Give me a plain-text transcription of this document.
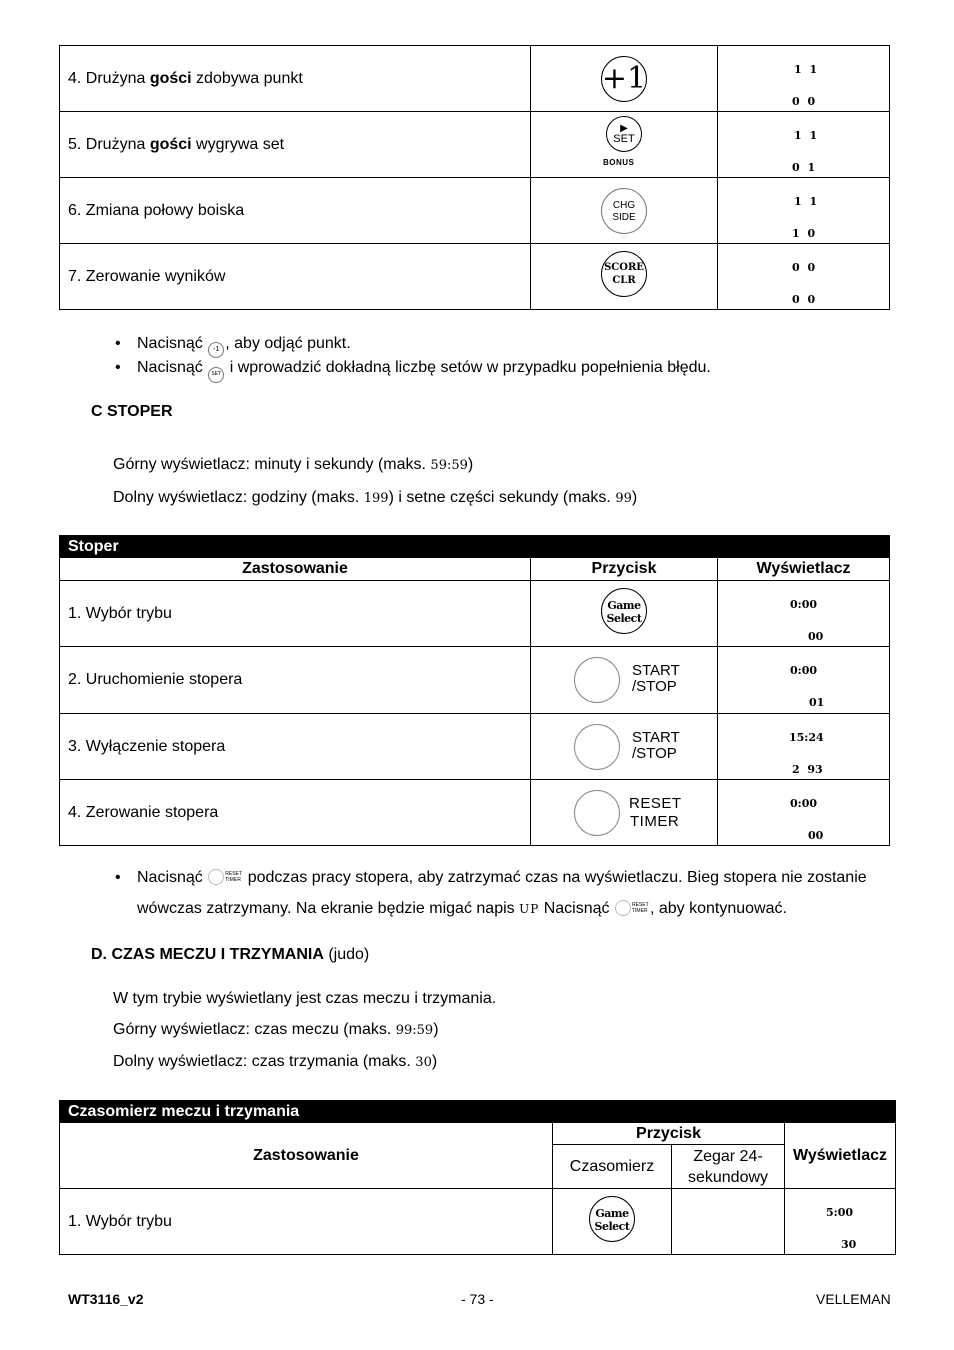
4. Drużyna gości zdobywa punkt	+1	1 1
0 0

5. Drużyna gości wygrywa set	▶
SET
BONUS	1 1
0 1

6. Zmiana połowy boiska	CHG
SIDE	1 1
1 0

7. Zerowanie wyników	SCORE
CLR	0 0
0 0
• Nacisnąć -1 , aby odjąć punkt.
• Nacisnąć SET i wprowadzić dokładną liczbę setów w przypadku popełnienia błędu.
C STOPER
Górny wyświetlacz: minuty i sekundy (maks. 59:59)
Dolny wyświetlacz: godziny (maks. 199) i setne części sekundy (maks. 99)
Stoper		
Zastosowanie	Przycisk	Wyświetlacz
1. Wybór trybu	Game
Select	0:00
00

2. Uruchomienie stopera	START
/STOP	0:00
01

3. Wyłączenie stopera	START
/STOP	15:24
2  93

4. Zerowanie stopera	RESET
TIMER	0:00
00
• Nacisnąć	RESET TIMER podczas pracy stopera, aby zatrzymać czas na wyświetlaczu. Bieg stopera nie zostanie
wówczas zatrzymany. Na ekranie będzie migać napis UP Nacisnąć	RESET TIMER , aby kontynuować.
D. CZAS MECZU I TRZYMANIA (judo)
W tym trybie wyświetlany jest czas meczu i trzymania.
Górny wyświetlacz: czas meczu (maks. 99:59)
Dolny wyświetlacz: czas trzymania (maks. 30)
Czasomierz meczu i trzymania			
Zastosowanie	Przycisk		Wyświetlacz
	Czasomierz	Zegar 24-sekundowy	
1. Wybór trybu	Game
Select		5:00
30
WT3116_v2	- 73 -	VELLEMAN
